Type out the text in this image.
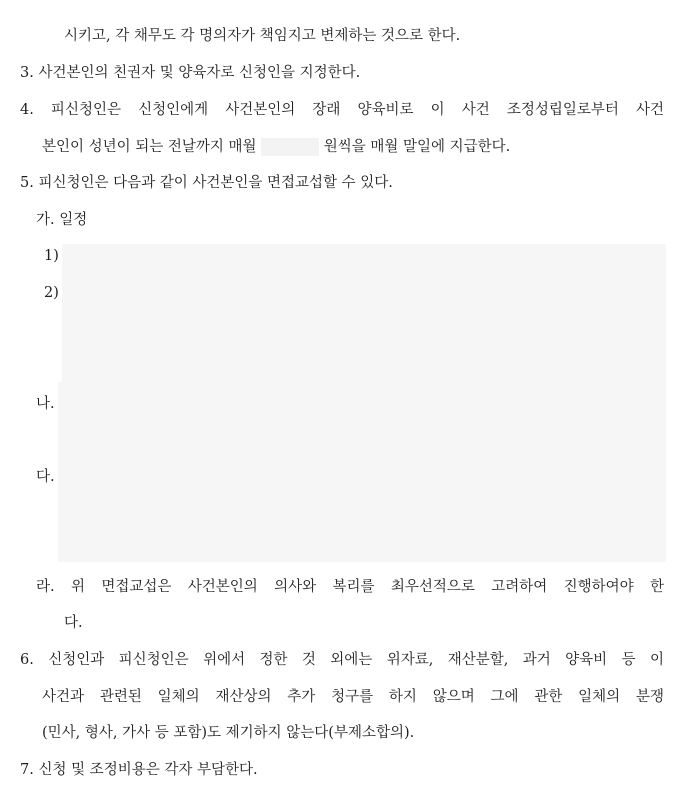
시키고, 각 채무도 각 명의자가 책임지고 변제하는 것으로 한다.
3. 사건본인의 친권자 및 양육자로 신청인을 지정한다.
4. 피신청인은 신청인에게 사건본인의 장래 양육비로 이 사건 조정성립일로부터 사건
본인이 성년이 되는 전날까지 매월	원씩을 매월 말일에 지급한다.
5. 피신청인은 다음과 같이 사건본인을 면접교섭할 수 있다.
가. 일정
1)
2)
나.
다.
라. 위 면접교섭은 사건본인의 의사와 복리를 최우선적으로 고려하여 진행하여야 한
다.
6. 신청인과 피신청인은 위에서 정한 것 외에는 위자료, 재산분할, 과거 양육비 등 이
사건과 관련된 일체의 재산상의 추가 청구를 하지 않으며 그에 관한 일체의 분쟁
(민사, 형사, 가사 등 포함)도 제기하지 않는다(부제소합의).
7. 신청 및 조정비용은 각자 부담한다.
